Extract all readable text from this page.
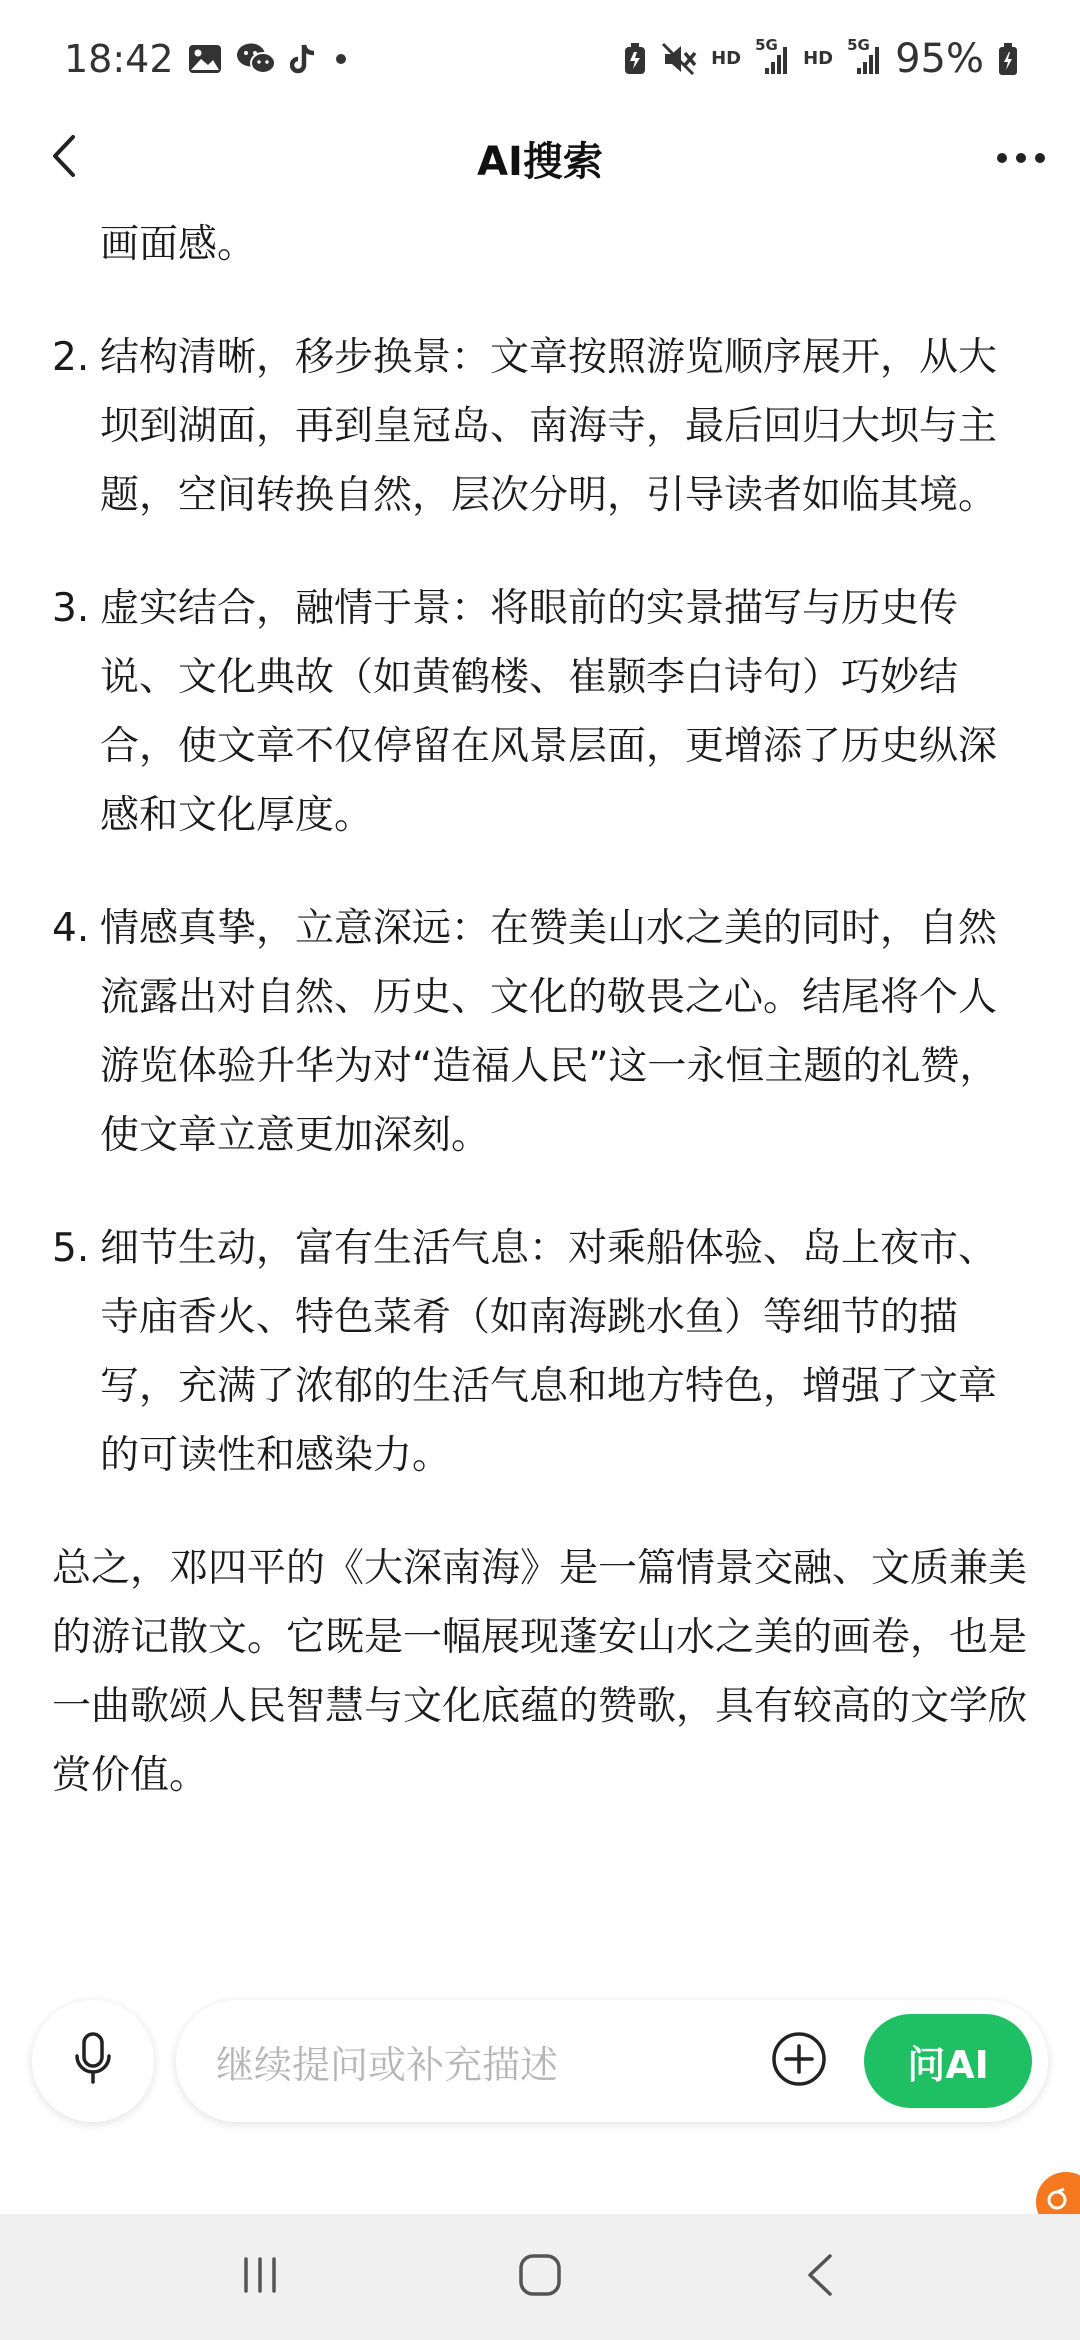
18:42	HD
5G
HD
5G 95%
AI搜索
画面感。
2. 结构清晰，移步换景：文章按照游览顺序展开，从大坝到湖面，再到皇冠岛、南海寺，最后回归大坝与主题，空间转换自然，层次分明，引导读者如临其境。
3. 虚实结合，融情于景：将眼前的实景描写与历史传说、文化典故（如黄鹤楼、崔颢李白诗句）巧妙结合，使文章不仅停留在风景层面，更增添了历史纵深感和文化厚度。
4. 情感真挚，立意深远：在赞美山水之美的同时，自然流露出对自然、历史、文化的敬畏之心。结尾将个人游览体验升华为对“造福人民”这一永恒主题的礼赞，使文章立意更加深刻。
5. 细节生动，富有生活气息：对乘船体验、岛上夜市、寺庙香火、特色菜肴（如南海跳水鱼）等细节的描写，充满了浓郁的生活气息和地方特色，增强了文章的可读性和感染力。
总之，邓四平的《大深南海》是一篇情景交融、文质兼美的游记散文。它既是一幅展现蓬安山水之美的画卷，也是一曲歌颂人民智慧与文化底蕴的赞歌，具有较高的文学欣赏价值。
继续提问或补充描述	问AI
